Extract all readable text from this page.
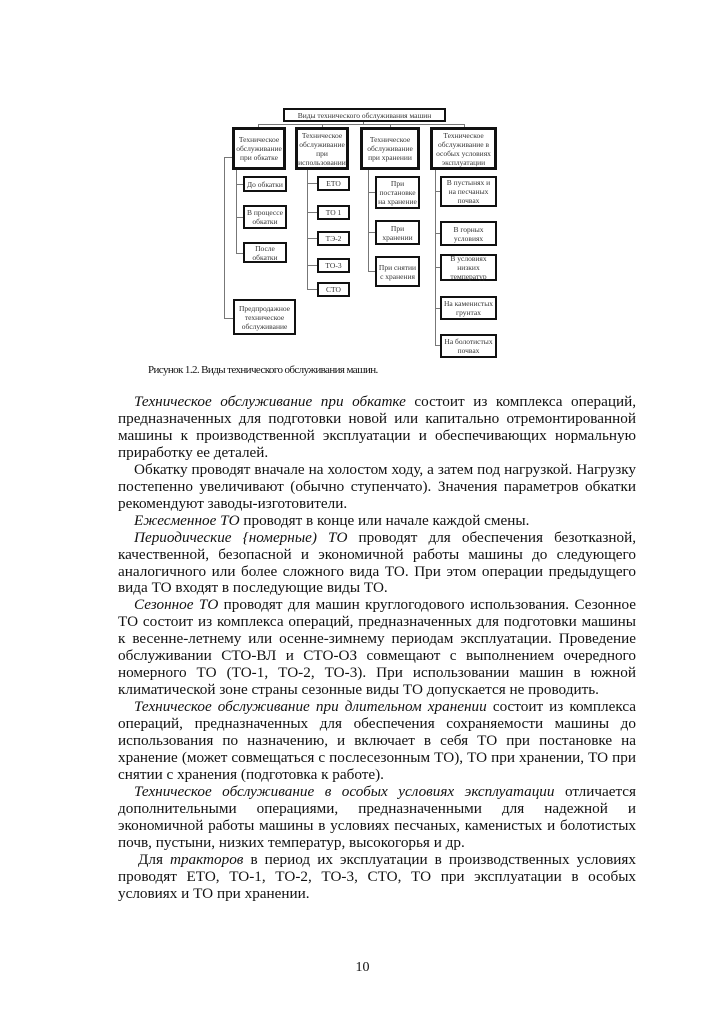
Виды технического обслуживания машин
Техническое обслуживание при обкатке
Техническое обслуживание при использовании
Техническое обслуживание при хранении
Техническое обслуживание в особых условиях эксплуатации
До обкатки
В процессе обкатки
После обкатки
Предпродажное техническое обслуживание
ЕТО
ТО 1
ТЭ-2
ТО-3
СТО
При постановке на хранение
При хранении
При снятии с хранения
В пустынях и на песчаных почвах
В горных условиях
В условиях низких температур
На каменистых грунтах
На болотистых почвах
Рисунок 1.2. Виды технического обслуживания машин.

Техническое обслуживание при обкатке состоит из комплекса операций, предназначенных для подготовки новой или капитально отремонтированной машины к производственной эксплуатации и обеспечивающих нормальную приработку ее деталей.

Обкатку проводят вначале на холостом ходу, а затем под нагрузкой. Нагрузку постепенно увеличивают (обычно ступенчато). Значения параметров обкатки рекомендуют заводы-изготовители.

Ежесменное ТО проводят в конце или начале каждой смены.

Периодические {номерные) ТО проводят для обеспечения безотказной, качественной, безопасной и экономичной работы машины до следующего аналогичного или более сложного вида ТО. При этом операции предыдущего вида ТО входят в последующие виды ТО.

Сезонное ТО проводят для машин круглогодового использования. Сезонное ТО состоит из комплекса операций, предназначенных для подготовки машины к весенне-летнему или осенне-зимнему периодам эксплуатации. Проведение обслуживании СТО-ВЛ и СТО-ОЗ совмещают с выполнением очередного номерного ТО (ТО-1, ТО-2, ТО-3). При использовании машин в южной климатической зоне страны сезонные виды ТО допускается не проводить.

Техническое обслуживание при длительном хранении состоит из комплекса операций, предназначенных для обеспечения сохраняемости машины до использования по назначению, и включает в себя ТО при постановке на хранение (может совмещаться с послесезонным ТО), ТО при хранении, ТО при снятии с хранения (подготовка к работе).

Техническое обслуживание в особых условиях эксплуатации отличается дополнительными операциями, предназначенными для надежной и экономичной работы машины в условиях песчаных, каменистых и болотистых почв, пустыни, низких температур, высокогорья и др.

Для тракторов в период их эксплуатации в производственных условиях проводят ЕТО, ТО-1, ТО-2, ТО-3, СТО, ТО при эксплуатации в особых условиях и ТО при хранении.

10
